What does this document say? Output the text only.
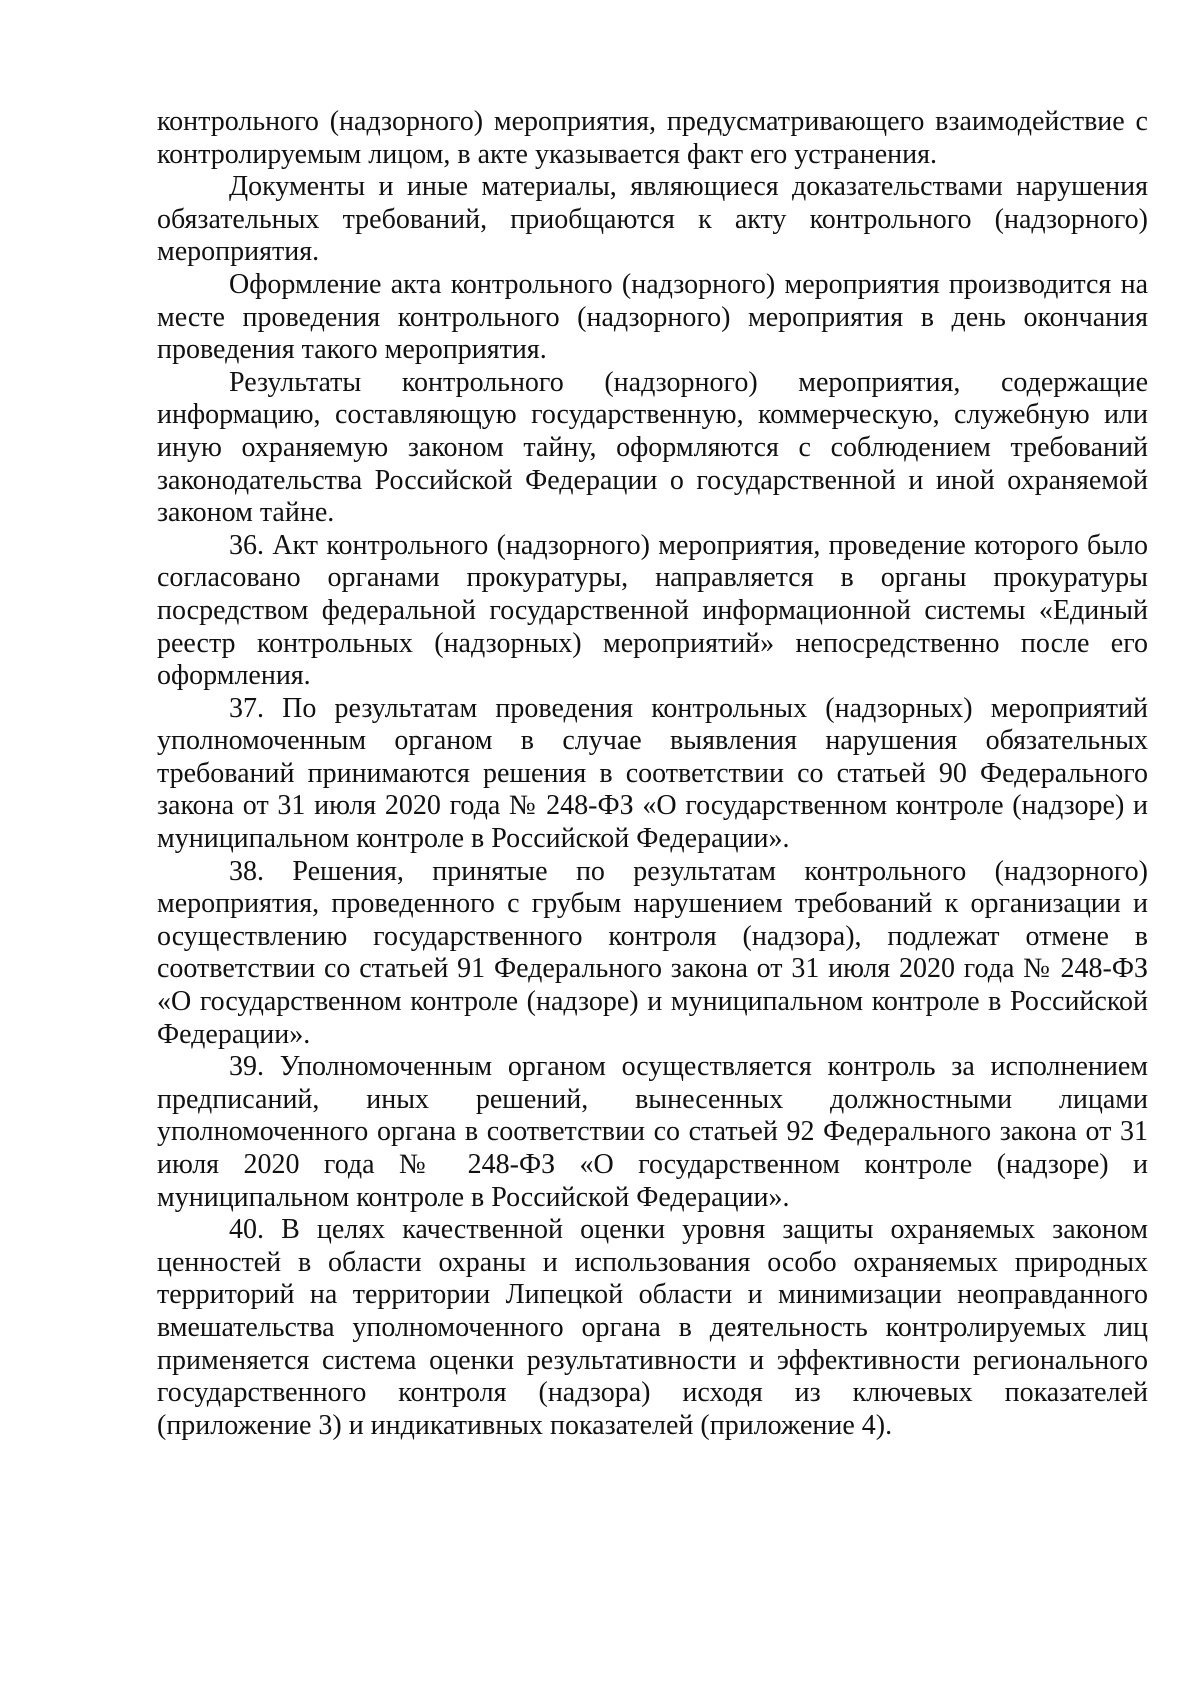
контрольного (надзорного) мероприятия, предусматривающего взаимодействие с контролируемым лицом, в акте указывается факт его устранения.

Документы и иные материалы, являющиеся доказательствами нарушения обязательных требований, приобщаются к акту контрольного (надзорного) мероприятия.

Оформление акта контрольного (надзорного) мероприятия производится на месте проведения контрольного (надзорного) мероприятия в день окончания проведения такого мероприятия.

Результаты контрольного (надзорного) мероприятия, содержащие информацию, составляющую государственную, коммерческую, служебную или иную охраняемую законом тайну, оформляются с соблюдением требований законодательства Российской Федерации о государственной и иной охраняемой законом тайне.

36. Акт контрольного (надзорного) мероприятия, проведение которого было согласовано органами прокуратуры, направляется в органы прокуратуры посредством федеральной государственной информационной системы «Единый реестр контрольных (надзорных) мероприятий» непосредственно после его оформления.

37. По результатам проведения контрольных (надзорных) мероприятий уполномоченным органом в случае выявления нарушения обязательных требований принимаются решения в соответствии со статьей 90 Федерального закона от 31 июля 2020 года № 248-ФЗ «О государственном контроле (надзоре) и муниципальном контроле в Российской Федерации».

38. Решения, принятые по результатам контрольного (надзорного) мероприятия, проведенного с грубым нарушением требований к организации и осуществлению государственного контроля (надзора), подлежат отмене в соответствии со статьей 91 Федерального закона от 31 июля 2020 года № 248-ФЗ «О государственном контроле (надзоре) и муниципальном контроле в Российской Федерации».

39. Уполномоченным органом осуществляется контроль за исполнением предписаний, иных решений, вынесенных должностными лицами уполномоченного органа в соответствии со статьей 92 Федерального закона от 31 июля 2020 года № 248-ФЗ «О государственном контроле (надзоре) и муниципальном контроле в Российской Федерации».

40. В целях качественной оценки уровня защиты охраняемых законом ценностей в области охраны и использования особо охраняемых природных территорий на территории Липецкой области и минимизации неоправданного вмешательства уполномоченного органа в деятельность контролируемых лиц применяется система оценки результативности и эффективности регионального государственного контроля (надзора) исходя из ключевых показателей (приложение 3) и индикативных показателей (приложение 4).
